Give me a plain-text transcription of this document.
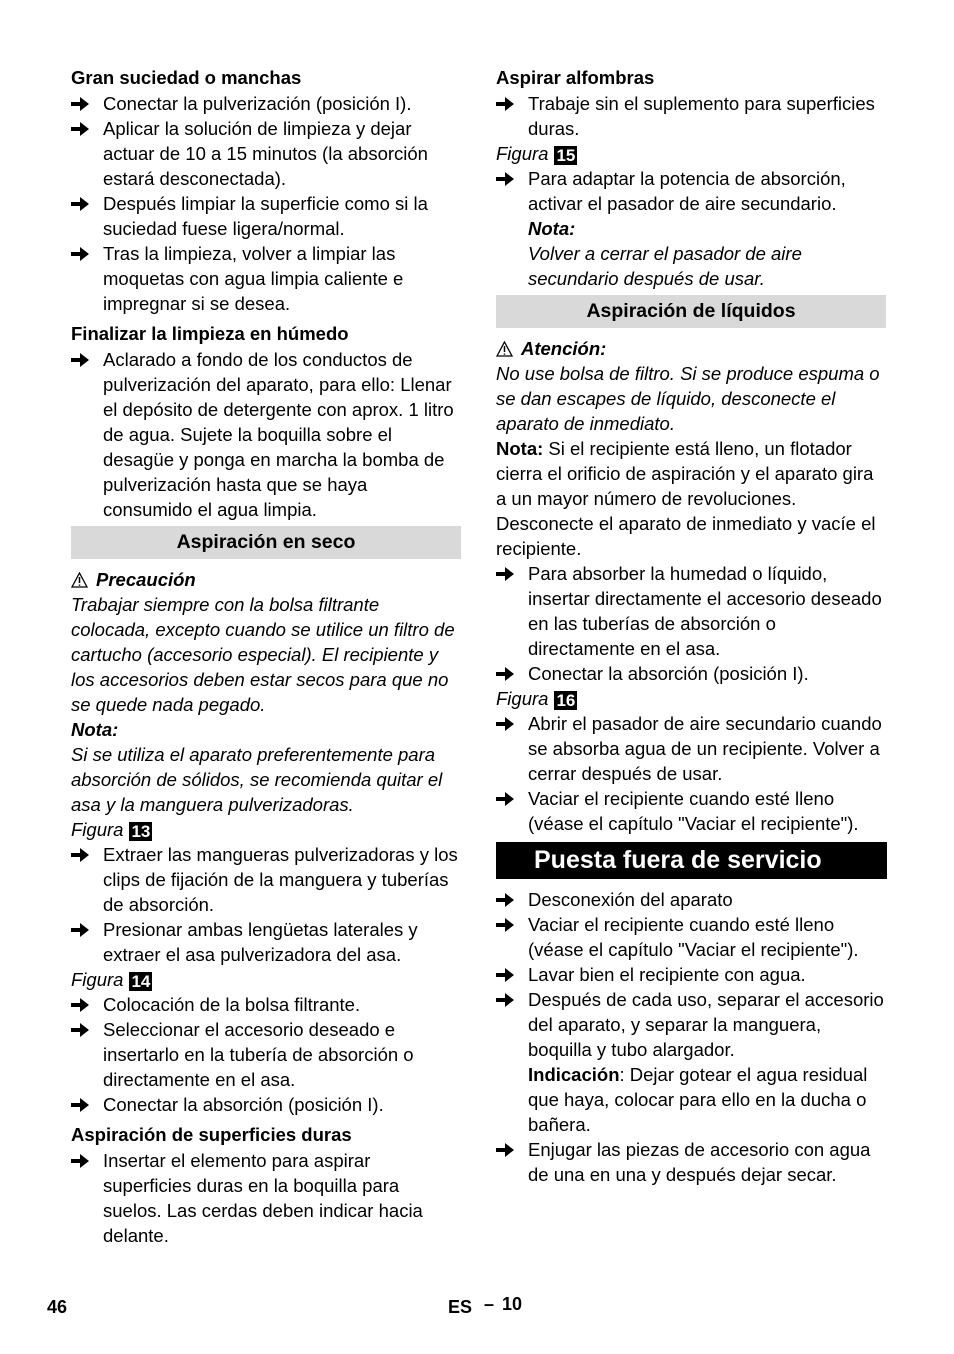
Gran suciedad o manchas
Conectar la pulverización (posición I).
Aplicar la solución de limpieza y dejar actuar de 10 a 15 minutos (la absorción estará desconectada).
Después limpiar la superficie como si la suciedad fuese ligera/normal.
Tras la limpieza, volver a limpiar las moquetas con agua limpia caliente e impregnar si se desea.
Finalizar la limpieza en húmedo
Aclarado a fondo de los conductos de pulverización del aparato, para ello: Llenar el depósito de detergente con aprox. 1 litro de agua. Sujete la boquilla sobre el desagüe y ponga en marcha la bomba de pulverización hasta que se haya consumido el agua limpia.
Aspiración en seco
Precaución
Trabajar siempre con la bolsa filtrante colocada, excepto cuando se utilice un filtro de cartucho (accesorio especial). El recipiente y los accesorios deben estar secos para que no se quede nada pegado.
Nota:
Si se utiliza el aparato preferentemente para absorción de sólidos, se recomienda quitar el asa y la manguera pulverizadoras.
Figura 13
Extraer las mangueras pulverizadoras y los clips de fijación de la manguera y tuberías de absorción.
Presionar ambas lengüetas laterales y extraer el asa pulverizadora del asa.
Figura 14
Colocación de la bolsa filtrante.
Seleccionar el accesorio deseado e insertarlo en la tubería de absorción o directamente en el asa.
Conectar la absorción (posición I).
Aspiración de superficies duras
Insertar el elemento para aspirar superficies duras en la boquilla para suelos. Las cerdas deben indicar hacia delante.
Aspirar alfombras
Trabaje sin el suplemento para superficies duras.
Figura 15
Para adaptar la potencia de absorción, activar el pasador de aire secundario.
Nota:
Volver a cerrar el pasador de aire secundario después de usar.
Aspiración de líquidos
Atención:
No use bolsa de filtro. Si se produce espuma o se dan escapes de líquido, desconecte el aparato de inmediato.
Nota: Si el recipiente está lleno, un flotador cierra el orificio de aspiración y el aparato gira a un mayor número de revoluciones. Desconecte el aparato de inmediato y vacíe el recipiente.
Para absorber la humedad o líquido, insertar directamente el accesorio deseado en las tuberías de absorción o directamente en el asa.
Conectar la absorción (posición I).
Figura 16
Abrir el pasador de aire secundario cuando se absorba agua de un recipiente. Volver a cerrar después de usar.
Vaciar el recipiente cuando esté lleno (véase el capítulo "Vaciar el recipiente").
Puesta fuera de servicio
Desconexión del aparato
Vaciar el recipiente cuando esté lleno (véase el capítulo "Vaciar el recipiente").
Lavar bien el recipiente con agua.
Después de cada uso, separar el accesorio del aparato, y separar la manguera, boquilla y tubo alargador.
Indicación: Dejar gotear el agua residual que haya, colocar para ello en la ducha o bañera.
Enjugar las piezas de accesorio con agua de una en una y después dejar secar.
46	ES – 10
